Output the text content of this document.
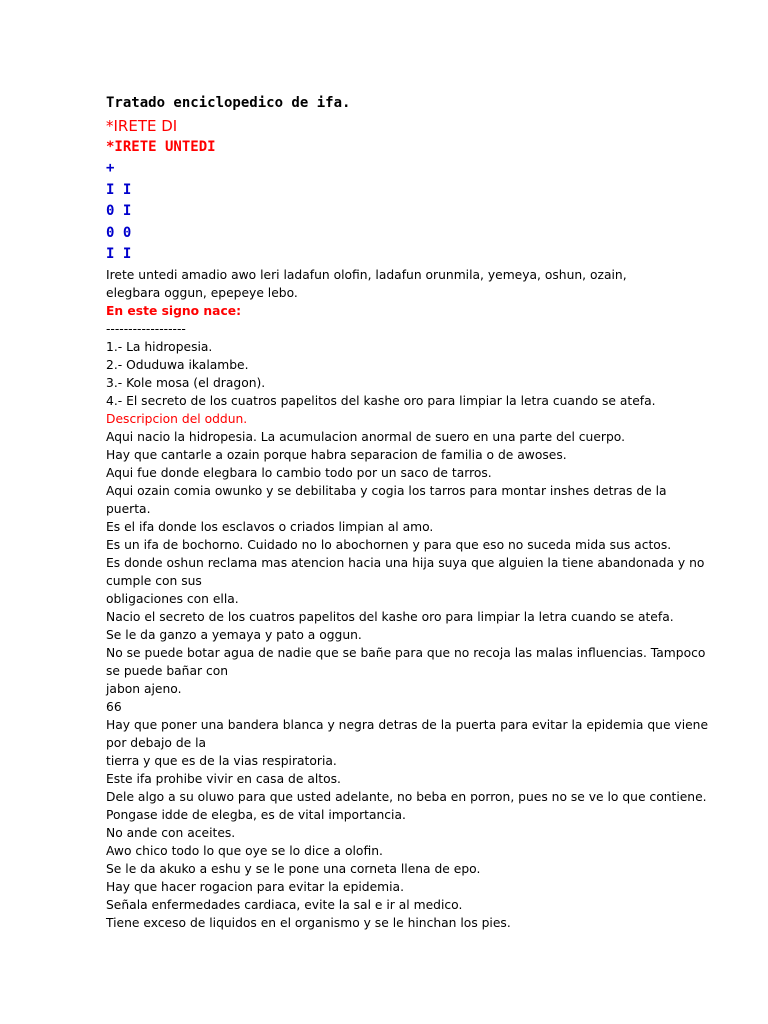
Tratado enciclopedico de ifa.
*IRETE DI
*IRETE UNTEDI
+
I I
0 I
0 0
I I
Irete untedi amadio awo leri ladafun olofin, ladafun orunmila, yemeya, oshun, ozain, elegbara oggun, epepeye lebo.
En este signo nace:
------------------
1.- La hidropesia.
2.- Oduduwa ikalambe.
3.- Kole mosa (el dragon).
4.- El secreto de los cuatros papelitos del kashe oro para limpiar la letra cuando se atefa.
Descripcion del oddun.
Aqui nacio la hidropesia. La acumulacion anormal de suero en una parte del cuerpo.
Hay que cantarle a ozain porque habra separacion de familia o de awoses.
Aqui fue donde elegbara lo cambio todo por un saco de tarros.
Aqui ozain comia owunko y se debilitaba y cogia los tarros para montar inshes detras de la
puerta.
Es el ifa donde los esclavos o criados limpian al amo.
Es un ifa de bochorno. Cuidado no lo abochornen y para que eso no suceda mida sus actos.
Es donde oshun reclama mas atencion hacia una hija suya que alguien la tiene abandonada y no
cumple con sus
obligaciones con ella.
Nacio el secreto de los cuatros papelitos del kashe oro para limpiar la letra cuando se atefa.
Se le da ganzo a yemaya y pato a oggun.
No se puede botar agua de nadie que se bañe para que no recoja las malas influencias. Tampoco
se puede bañar con
jabon ajeno.
66
Hay que poner una bandera blanca y negra detras de la puerta para evitar la epidemia que viene
por debajo de la
tierra y que es de la vias respiratoria.
Este ifa prohibe vivir en casa de altos.
Dele algo a su oluwo para que usted adelante, no beba en porron, pues no se ve lo que contiene.
Pongase idde de elegba, es de vital importancia.
No ande con aceites.
Awo chico todo lo que oye se lo dice a olofin.
Se le da akuko a eshu y se le pone una corneta llena de epo.
Hay que hacer rogacion para evitar la epidemia.
Señala enfermedades cardiaca, evite la sal e ir al medico.
Tiene exceso de liquidos en el organismo y se le hinchan los pies.
